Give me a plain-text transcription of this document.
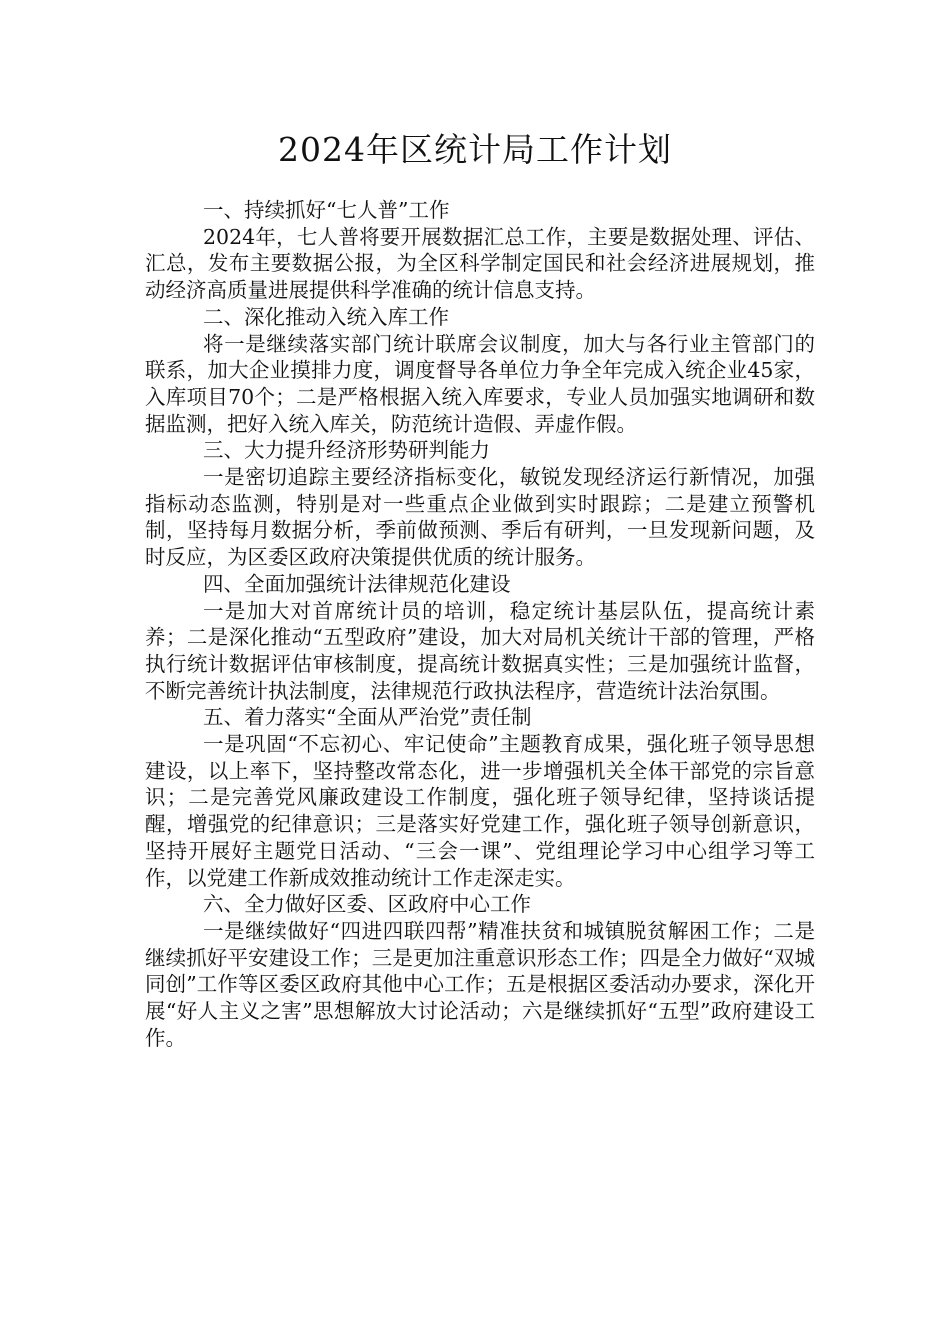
2024年区统计局工作计划
一、持续抓好“七人普”工作

2024年，七人普将要开展数据汇总工作，主要是数据处理、评估、汇总，发布主要数据公报，为全区科学制定国民和社会经济进展规划，推动经济高质量进展提供科学准确的统计信息支持。

二、深化推动入统入库工作

将一是继续落实部门统计联席会议制度，加大与各行业主管部门的联系，加大企业摸排力度，调度督导各单位力争全年完成入统企业45家，入库项目70个；二是严格根据入统入库要求，专业人员加强实地调研和数据监测，把好入统入库关，防范统计造假、弄虚作假。

三、大力提升经济形势研判能力

一是密切追踪主要经济指标变化，敏锐发现经济运行新情况，加强指标动态监测，特别是对一些重点企业做到实时跟踪；二是建立预警机制，坚持每月数据分析，季前做预测、季后有研判，一旦发现新问题，及时反应，为区委区政府决策提供优质的统计服务。

四、全面加强统计法律规范化建设

一是加大对首席统计员的培训，稳定统计基层队伍，提高统计素养；二是深化推动“五型政府”建设，加大对局机关统计干部的管理，严格执行统计数据评估审核制度，提高统计数据真实性；三是加强统计监督，不断完善统计执法制度，法律规范行政执法程序，营造统计法治氛围。

五、着力落实“全面从严治党”责任制

一是巩固“不忘初心、牢记使命”主题教育成果，强化班子领导思想建设，以上率下，坚持整改常态化，进一步增强机关全体干部党的宗旨意识；二是完善党风廉政建设工作制度，强化班子领导纪律，坚持谈话提醒，增强党的纪律意识；三是落实好党建工作，强化班子领导创新意识，坚持开展好主题党日活动、“三会一课”、党组理论学习中心组学习等工作，以党建工作新成效推动统计工作走深走实。

六、全力做好区委、区政府中心工作

一是继续做好“四进四联四帮”精准扶贫和城镇脱贫解困工作；二是继续抓好平安建设工作；三是更加注重意识形态工作；四是全力做好“双城同创”工作等区委区政府其他中心工作；五是根据区委活动办要求，深化开展“好人主义之害”思想解放大讨论活动；六是继续抓好“五型”政府建设工作。
